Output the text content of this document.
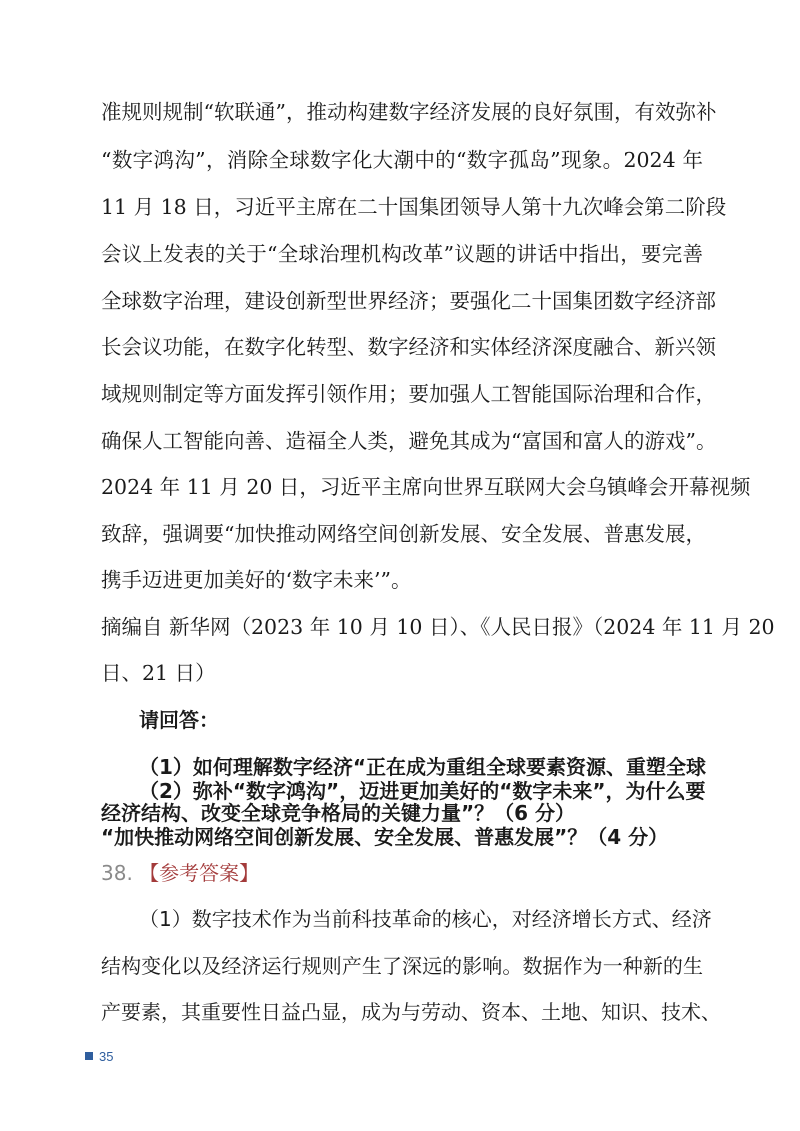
准规则规制“软联通”，推动构建数字经济发展的良好氛围，有效弥补
“数字鸿沟”，消除全球数字化大潮中的“数字孤岛”现象。2024 年
11 月 18 日，习近平主席在二十国集团领导人第十九次峰会第二阶段
会议上发表的关于“全球治理机构改革”议题的讲话中指出，要完善
全球数字治理，建设创新型世界经济；要强化二十国集团数字经济部
长会议功能，在数字化转型、数字经济和实体经济深度融合、新兴领
域规则制定等方面发挥引领作用；要加强人工智能国际治理和合作，
确保人工智能向善、造福全人类，避免其成为“富国和富人的游戏”。
2024 年 11 月 20 日，习近平主席向世界互联网大会乌镇峰会开幕视频
致辞，强调要“加快推动网络空间创新发展、安全发展、普惠发展，
携手迈进更加美好的‘数字未来’”。
摘编自 新华网（2023 年 10 月 10 日）、《人民日报》（2024 年 11 月 20
日、21 日）
请回答：
（1）如何理解数字经济“正在成为重组全球要素资源、重塑全球
经济结构、改变全球竞争格局的关键力量”？（6 分）
（2）弥补“数字鸿沟”，迈进更加美好的“数字未来”，为什么要
“加快推动网络空间创新发展、安全发展、普惠发展”？（4 分）
38. 【参考答案】
（1）数字技术作为当前科技革命的核心，对经济增长方式、经济
结构变化以及经济运行规则产生了深远的影响。数据作为一种新的生
产要素，其重要性日益凸显，成为与劳动、资本、土地、知识、技术、
35
